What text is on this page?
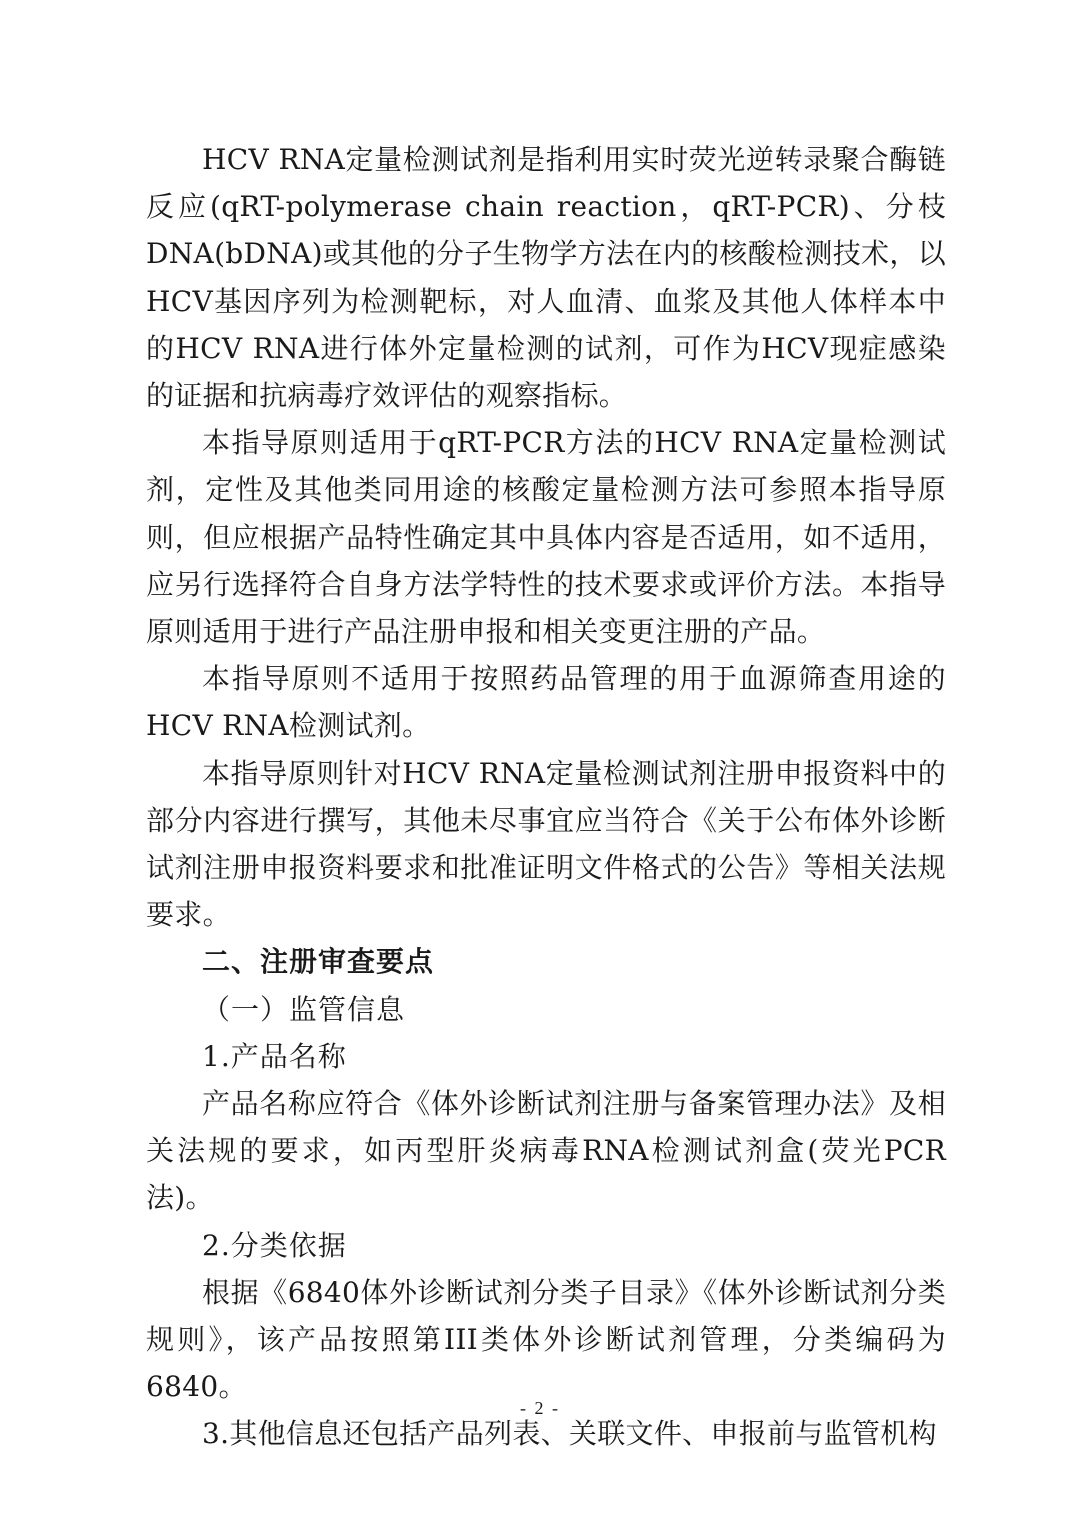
HCV RNA定量检测试剂是指利用实时荧光逆转录聚合酶链反应(qRT-polymerase chain reaction，qRT-PCR)、分枝DNA(bDNA)或其他的分子生物学方法在内的核酸检测技术，以HCV基因序列为检测靶标，对人血清、血浆及其他人体样本中的HCV RNA进行体外定量检测的试剂，可作为HCV现症感染的证据和抗病毒疗效评估的观察指标。

本指导原则适用于qRT-PCR方法的HCV RNA定量检测试剂，定性及其他类同用途的核酸定量检测方法可参照本指导原则，但应根据产品特性确定其中具体内容是否适用，如不适用，应另行选择符合自身方法学特性的技术要求或评价方法。本指导原则适用于进行产品注册申报和相关变更注册的产品。

本指导原则不适用于按照药品管理的用于血源筛查用途的HCV RNA检测试剂。

本指导原则针对HCV RNA定量检测试剂注册申报资料中的部分内容进行撰写，其他未尽事宜应当符合《关于公布体外诊断试剂注册申报资料要求和批准证明文件格式的公告》等相关法规要求。

二、注册审查要点

（一）监管信息

1.产品名称

产品名称应符合《体外诊断试剂注册与备案管理办法》及相关法规的要求，如丙型肝炎病毒RNA检测试剂盒(荧光PCR法)。

2.分类依据

根据《6840体外诊断试剂分类子目录》《体外诊断试剂分类规则》，该产品按照第III类体外诊断试剂管理，分类编码为6840。

3.其他信息还包括产品列表、关联文件、申报前与监管机构

- 2 -
